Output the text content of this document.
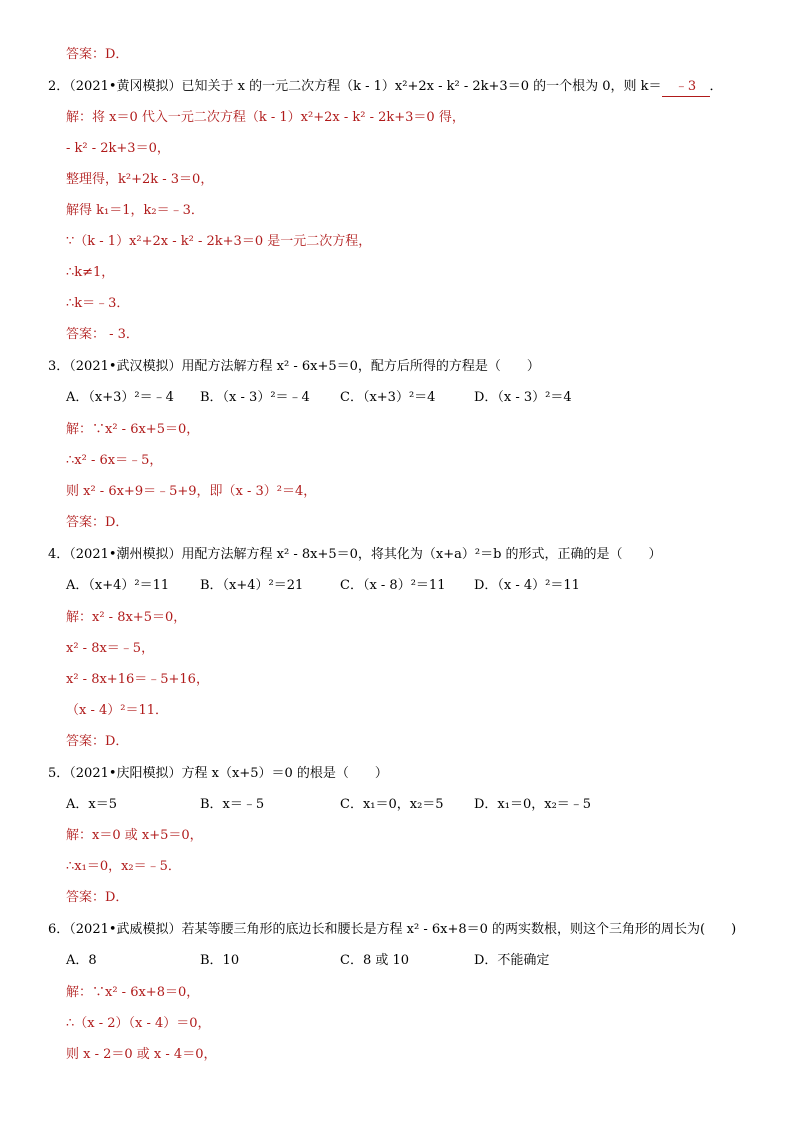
答案：D．
2．（2021•黄冈模拟）已知关于 x 的一元二次方程（k - 1）x²+2x - k² - 2k+3＝0 的一个根为 0，则 k＝ ﹣3 ．
解：将 x＝0 代入一元二次方程（k - 1）x²+2x - k² - 2k+3＝0 得，
- k² - 2k+3＝0，
整理得，k²+2k - 3＝0，
解得 k₁＝1，k₂＝﹣3．
∵（k - 1）x²+2x - k² - 2k+3＝0 是一元二次方程，
∴k≠1，
∴k＝﹣3．
答案： - 3．
3．（2021•武汉模拟）用配方法解方程 x² - 6x+5＝0，配方后所得的方程是（　　）
解：∵x² - 6x+5＝0，
∴x² - 6x＝﹣5，
则 x² - 6x+9＝﹣5+9，即（x - 3）²＝4，
答案：D．
4．（2021•潮州模拟）用配方法解方程 x² - 8x+5＝0，将其化为（x+a）²＝b 的形式，正确的是（　　）
解：x² - 8x+5＝0，
x² - 8x＝﹣5，
x² - 8x+16＝﹣5+16，
（x - 4）²＝11．
答案：D．
5．（2021•庆阳模拟）方程 x（x+5）＝0 的根是（　　）
解：x＝0 或 x+5＝0，
∴x₁＝0，x₂＝﹣5．
答案：D．
6．（2021•武威模拟）若某等腰三角形的底边长和腰长是方程 x² - 6x+8＝0 的两实数根，则这个三角形的周长为(　　)
解：∵x² - 6x+8＝0，
∴（x - 2）（x - 4）＝0，
则 x - 2＝0 或 x - 4＝0，
A．（x+3）²＝﹣4 B．（x - 3）²＝﹣4 C．（x+3）²＝4	D．（x - 3）²＝4
A．（x+4）²＝11 B．（x+4）²＝21	C．（x - 8）²＝11 D．（x - 4）²＝11
A．x＝5	B．x＝﹣5	C．x₁＝0，x₂＝5 D．x₁＝0，x₂＝﹣5
A．8	B．10	C．8 或 10	D．不能确定
